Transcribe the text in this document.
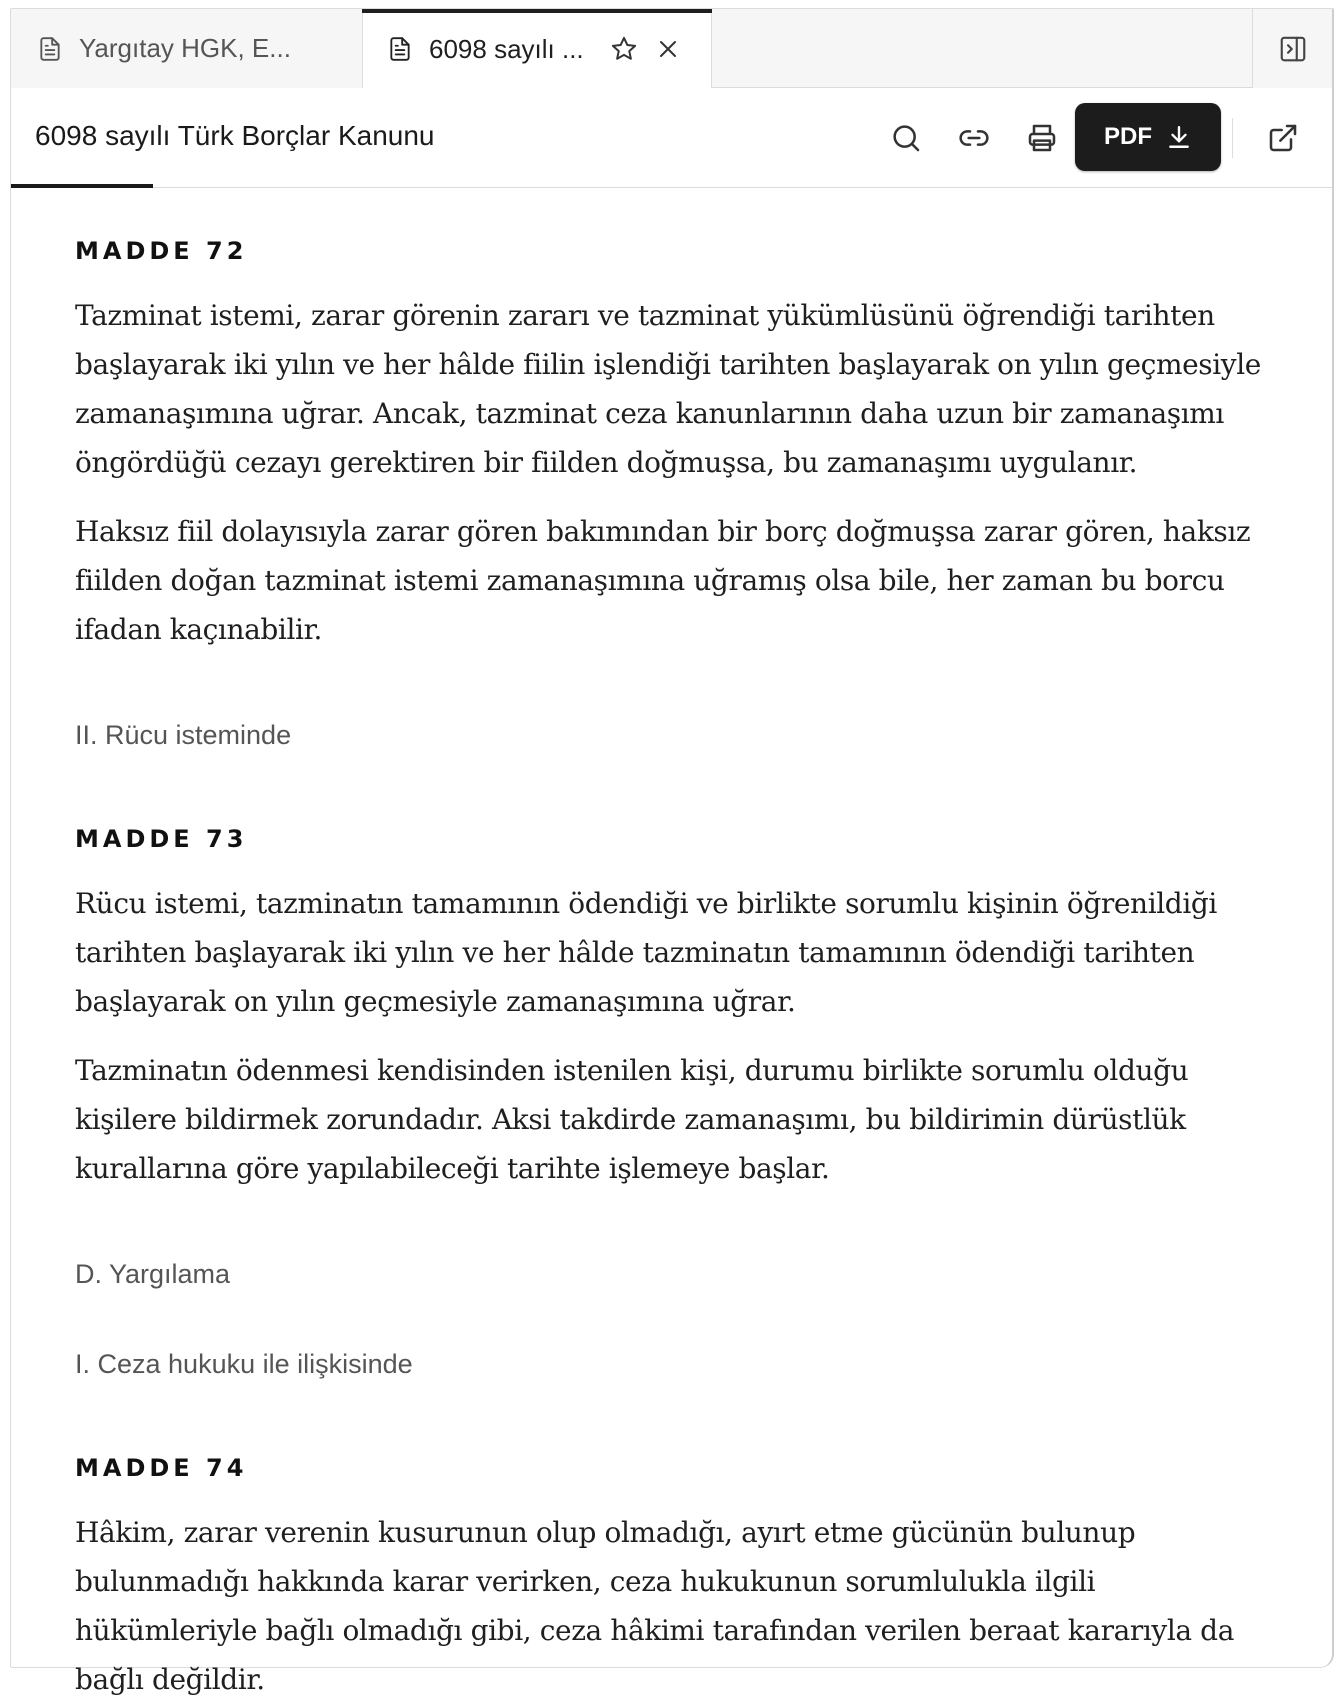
Yargıtay HGK, E...	6098 sayılı ...
6098 sayılı Türk Borçlar Kanunu	PDF
MADDE 72

Tazminat istemi, zarar görenin zararı ve tazminat yükümlüsünü öğrendiği tarihten başlayarak iki yılın ve her hâlde fiilin işlendiği tarihten başlayarak on yılın geçmesiyle zamanaşımına uğrar. Ancak, tazminat ceza kanunlarının daha uzun bir zamanaşımı öngördüğü cezayı gerektiren bir fiilden doğmuşsa, bu zamanaşımı uygulanır.

Haksız fiil dolayısıyla zarar gören bakımından bir borç doğmuşsa zarar gören, haksız fiilden doğan tazminat istemi zamanaşımına uğramış olsa bile, her zaman bu borcu ifadan kaçınabilir.

II. Rücu isteminde
MADDE 73

Rücu istemi, tazminatın tamamının ödendiği ve birlikte sorumlu kişinin öğrenildiği tarihten başlayarak iki yılın ve her hâlde tazminatın tamamının ödendiği tarihten başlayarak on yılın geçmesiyle zamanaşımına uğrar.

Tazminatın ödenmesi kendisinden istenilen kişi, durumu birlikte sorumlu olduğu kişilere bildirmek zorundadır. Aksi takdirde zamanaşımı, bu bildirimin dürüstlük kurallarına göre yapılabileceği tarihte işlemeye başlar.

D. Yargılama
I. Ceza hukuku ile ilişkisinde
MADDE 74

Hâkim, zarar verenin kusurunun olup olmadığı, ayırt etme gücünün bulunup bulunmadığı hakkında karar verirken, ceza hukukunun sorumlulukla ilgili hükümleriyle bağlı olmadığı gibi, ceza hâkimi tarafından verilen beraat kararıyla da bağlı değildir.
